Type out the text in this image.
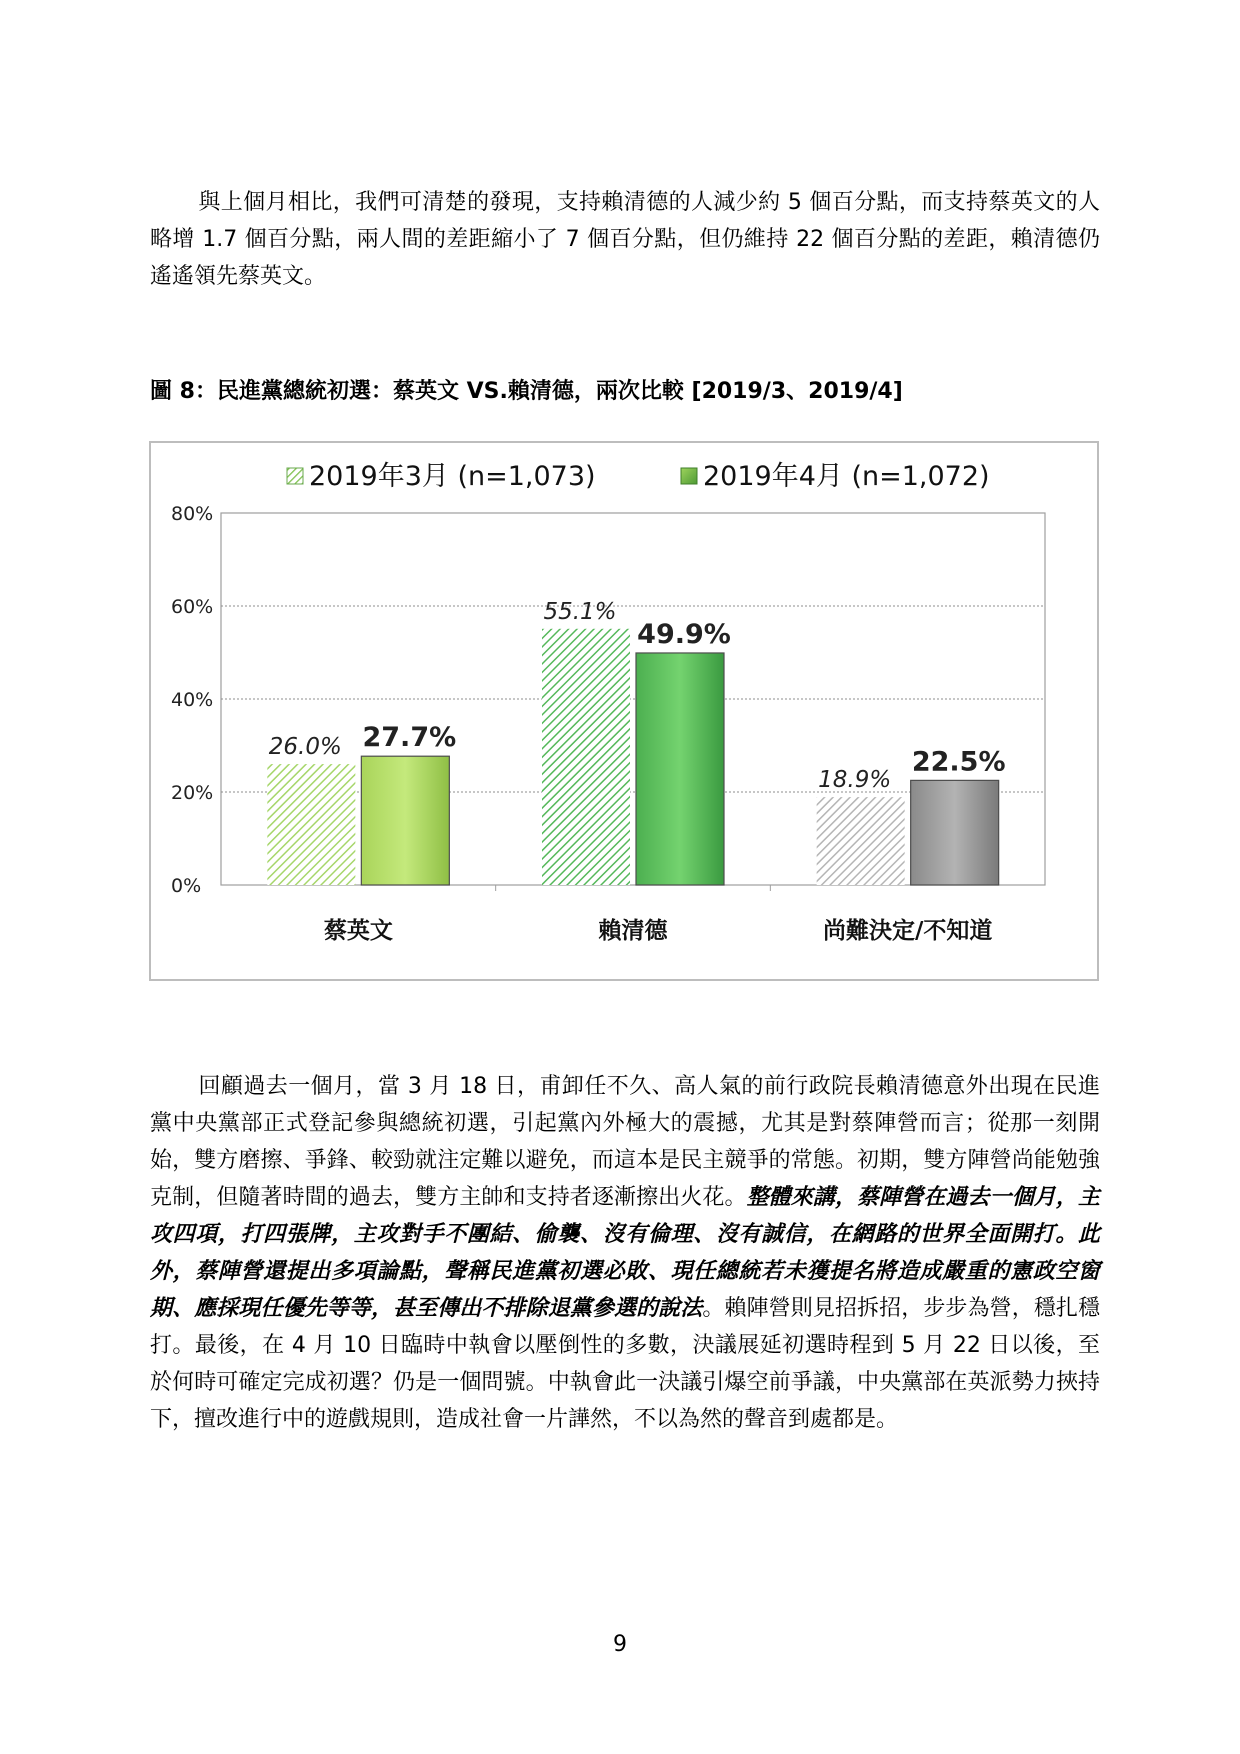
與上個月相比，我們可清楚的發現，支持賴清德的人減少約 5 個百分點，而支持蔡英文的人略增 1.7 個百分點，兩人間的差距縮小了 7 個百分點，但仍維持 22 個百分點的差距，賴清德仍遙遙領先蔡英文。

圖 8：民進黨總統初選：蔡英文 VS.賴清德，兩次比較 [2019/3、2019/4]

2019年3月 (n=1,073)	2019年4月 (n=1,072)
0%
20%
40%
60%
80%
26.0% 27.7%
蔡英文
55.1%
49.9%
賴清德
18.9%
22.5%
尚難決定/不知道

回顧過去一個月，當 3 月 18 日，甫卸任不久、高人氣的前行政院長賴清德意外出現在民進黨中央黨部正式登記參與總統初選，引起黨內外極大的震撼，尤其是對蔡陣營而言；從那一刻開始，雙方磨擦、爭鋒、較勁就注定難以避免，而這本是民主競爭的常態。初期，雙方陣營尚能勉強克制，但隨著時間的過去，雙方主帥和支持者逐漸擦出火花。整體來講，蔡陣營在過去一個月，主攻四項，打四張牌，主攻對手不團結、偷襲、沒有倫理、沒有誠信，在網路的世界全面開打。此外，蔡陣營還提出多項論點，聲稱民進黨初選必敗、現任總統若未獲提名將造成嚴重的憲政空窗期、應採現任優先等等，甚至傳出不排除退黨參選的說法。賴陣營則見招拆招，步步為營，穩扎穩打。最後，在 4 月 10 日臨時中執會以壓倒性的多數，決議展延初選時程到 5 月 22 日以後，至於何時可確定完成初選？仍是一個問號。中執會此一決議引爆空前爭議，中央黨部在英派勢力挾持下，擅改進行中的遊戲規則，造成社會一片譁然，不以為然的聲音到處都是。

9
